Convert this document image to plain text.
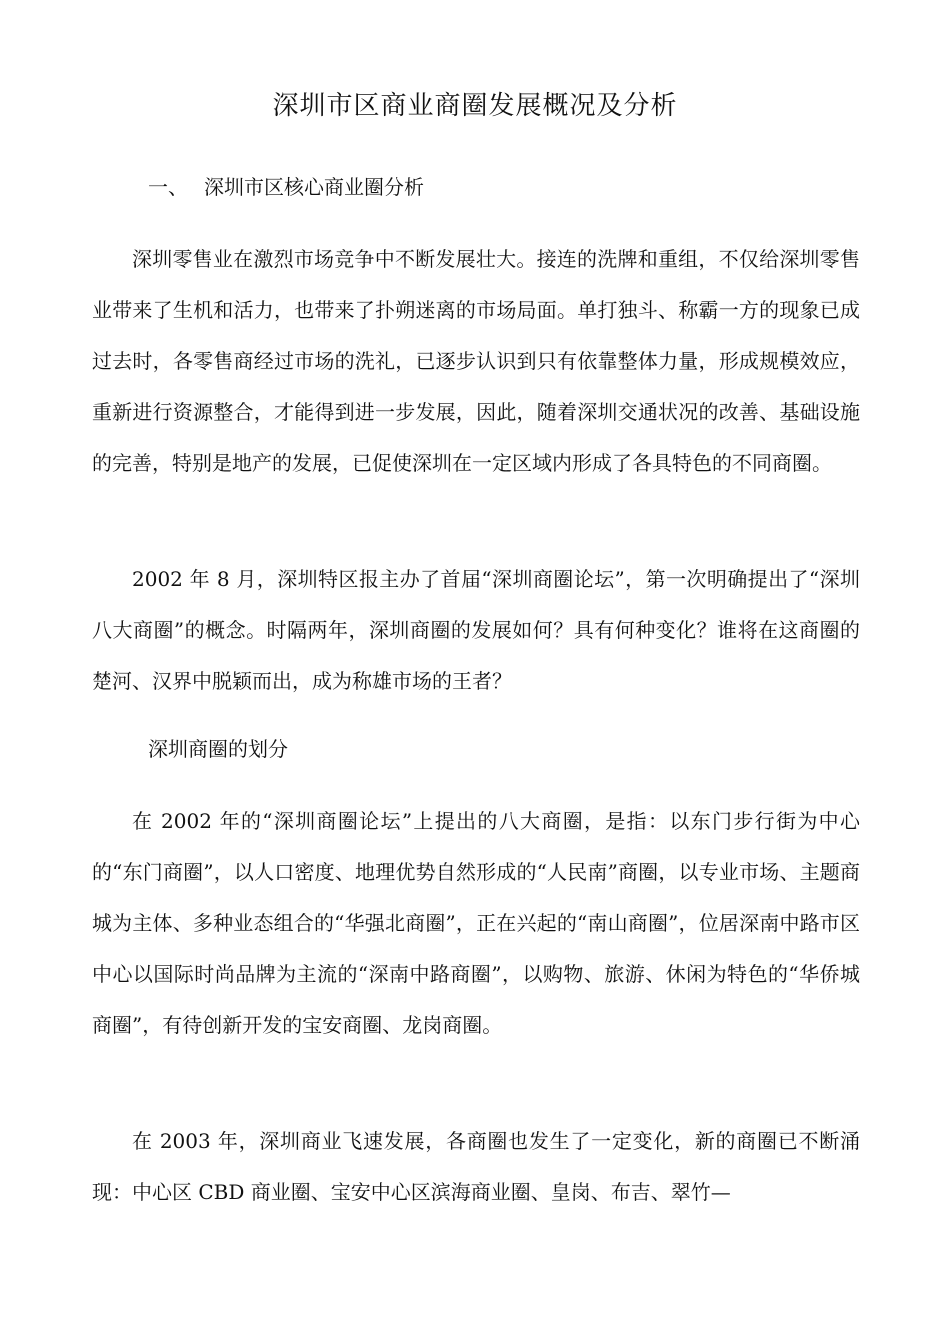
深圳市区商业商圈发展概况及分析
一、 深圳市区核心商业圈分析

深圳零售业在激烈市场竞争中不断发展壮大。接连的洗牌和重组，不仅给深圳零售业带来了生机和活力，也带来了扑朔迷离的市场局面。单打独斗、称霸一方的现象已成过去时，各零售商经过市场的洗礼，已逐步认识到只有依靠整体力量，形成规模效应，重新进行资源整合，才能得到进一步发展，因此，随着深圳交通状况的改善、基础设施的完善，特别是地产的发展，已促使深圳在一定区域内形成了各具特色的不同商圈。

2002 年 8 月，深圳特区报主办了首届“深圳商圈论坛”，第一次明确提出了“深圳八大商圈”的概念。时隔两年，深圳商圈的发展如何？具有何种变化？谁将在这商圈的楚河、汉界中脱颖而出，成为称雄市场的王者？

深圳商圈的划分

在 2002 年的“深圳商圈论坛”上提出的八大商圈，是指：以东门步行街为中心的“东门商圈”，以人口密度、地理优势自然形成的“人民南”商圈，以专业市场、主题商城为主体、多种业态组合的“华强北商圈”，正在兴起的“南山商圈”，位居深南中路市区中心以国际时尚品牌为主流的“深南中路商圈”，以购物、旅游、休闲为特色的“华侨城商圈”，有待创新开发的宝安商圈、龙岗商圈。

在 2003 年，深圳商业飞速发展，各商圈也发生了一定变化，新的商圈已不断涌现：中心区 CBD 商业圈、宝安中心区滨海商业圈、皇岗、布吉、翠竹—
